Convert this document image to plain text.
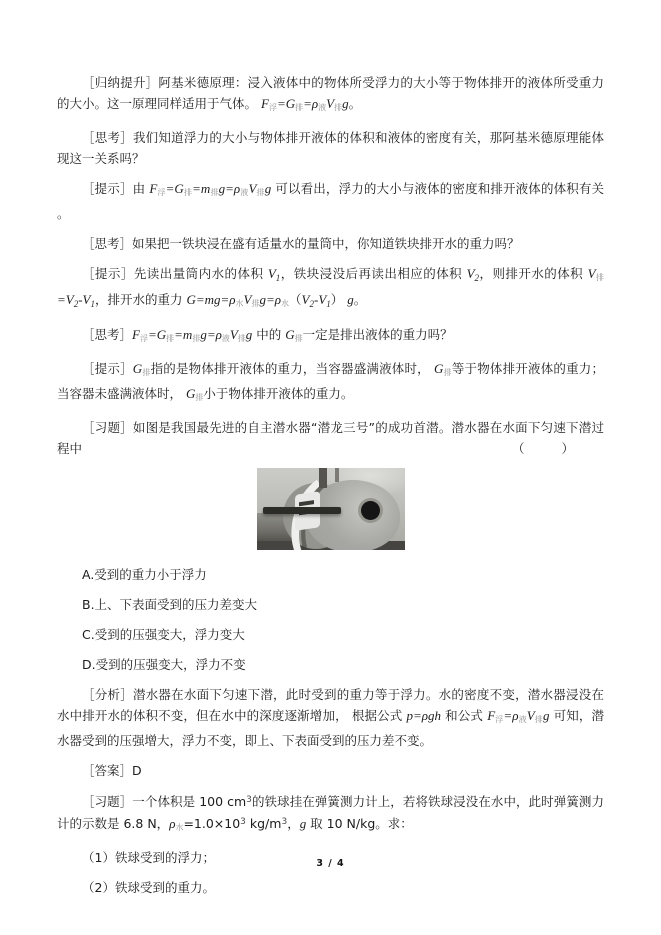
［归纳提升］阿基米德原理：浸入液体中的物体所受浮力的大小等于物体排开的液体所受重力的大小。这一原理同样适用于气体。 $F_浮=G_排=\rho_液V_排g$。

［思考］我们知道浮力的大小与物体排开液体的体积和液体的密度有关，那阿基米德原理能体现这一关系吗？

［提示］由 $F_浮=G_排=m_排g=\rho_液V_排g$ 可以看出，浮力的大小与液体的密度和排开液体的体积有关 。

［思考］如果把一铁块浸在盛有适量水的量筒中，你知道铁块排开水的重力吗？

［提示］先读出量筒内水的体积 $V_1$，铁块浸没后再读出相应的体积 $V_2$，则排开水的体积 $V_排=V_2-V_1$，排开水的重力 $G=mg=\rho_水V_排g=\rho_水(V_2-V_1)$ g。

［思考$]F_浮=G_排=m_排g=\rho_液V_排g$ 中的 $G_排$一定是排出液体的重力吗？

［提示$]G_排$指的是物体排开液体的重力，当容器盛满液体时， $G_排$等于物体排开液体的重力；当容器未盛满液体时， $G_排$小于物体排开液体的重力。

［习题］如图是我国最先进的自主潜水器“潜龙三号”的成功首潜。潜水器在水面下匀速下潜过程中	（　　）

A.受到的重力小于浮力

B.上、下表面受到的压力差变大

C.受到的压强变大，浮力变大

D.受到的压强变大，浮力不变

［分析］潜水器在水面下匀速下潜，此时受到的重力等于浮力。水的密度不变，潜水器浸没在水中排开水的体积不变，但在水中的深度逐渐增加， 根据公式 p=ρgh 和公式 $F_浮=\rho_液V_排g$ 可知，潜水器受到的压强增大，浮力不变，即上、下表面受到的压力差不变。

［答案］D

［习题］一个体积是 100 $cm^3$的铁球挂在弹簧测力计上，若将铁球浸没在水中，此时弹簧测力计的示数是 6.8 N，$\rho_水=1.0\times 10^3$ $kg/m^3$，g 取 10 N/kg。求：

（1）铁球受到的浮力；

（2）铁球受到的重力。

3 / 4
